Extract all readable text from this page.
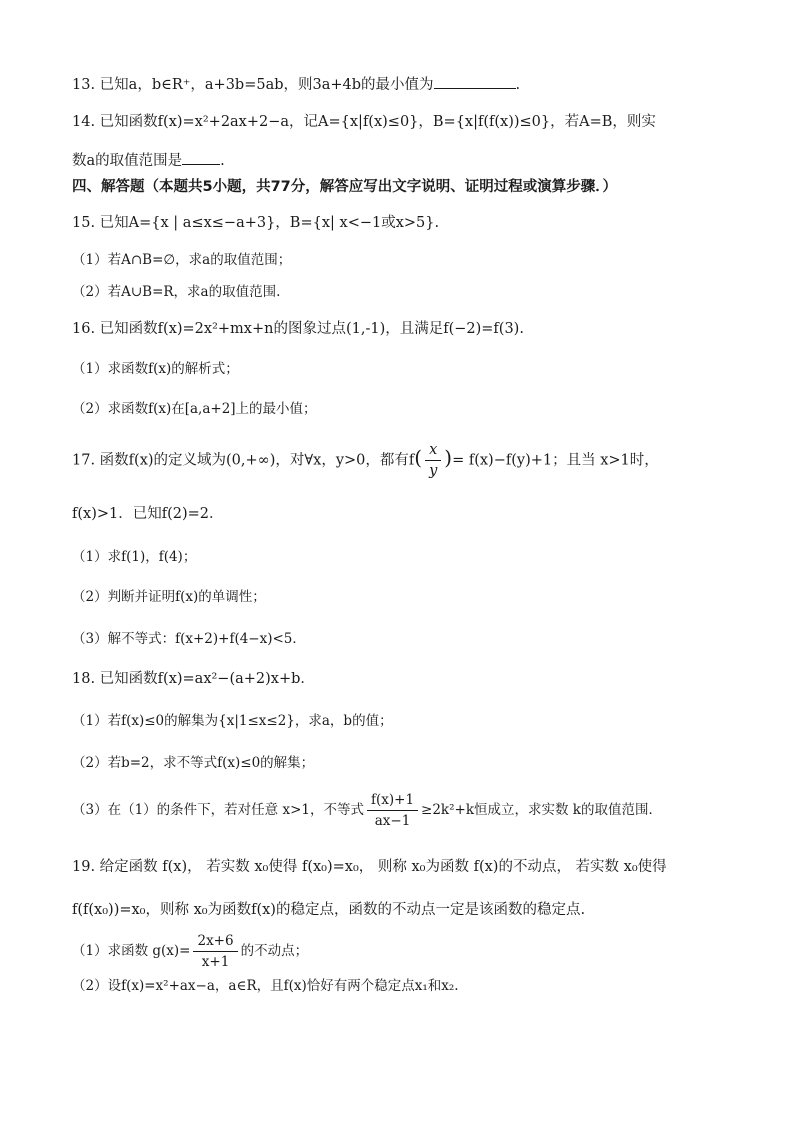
13. 已知a，b∈R⁺，a+3b=5ab，则3a+4b的最小值为	.
14. 已知函数f(x)=x²+2ax+2−a，记A={x|f(x)≤0}，B={x|f(f(x))≤0}，若A=B，则实
数a的取值范围是	.
四、解答题（本题共5小题，共77分，解答应写出文字说明、证明过程或演算步骤．）
15. 已知A={x | a≤x≤−a+3}，B={x| x<−1或x>5}.
（1）若A∩B=∅，求a的取值范围；
（2）若A∪B=R，求a的取值范围.
16. 已知函数f(x)=2x²+mx+n的图象过点(1,-1)，且满足f(−2)=f(3).
（1）求函数f(x)的解析式；
（2）求函数f(x)在[a,a+2]上的最小值；
17. 函数f(x)的定义域为(0,+∞)，对∀x，y>0，都有$f( \frac{x}{y}$ )= f(x)−f(y)+1；且当 x>1时，
f(x)>1．已知f(2)=2．
（1）求f(1)，f(4)；
（2）判断并证明f(x)的单调性；
（3）解不等式：f(x+2)+f(4−x)<5．
18. 已知函数f(x)=ax²−(a+2)x+b．
（1）若f(x)≤0的解集为{x|1≤x≤2}，求a，b的值；
（2）若b=2，求不等式f(x)≤0的解集；
（3）在（1）的条件下，若对任意 x>1，不等式 $\frac{f(x)+1}{ax-1} \ge 2k^2+k$恒成立，求实数 k的取值范围．
19. 给定函数 f(x)， 若实数 x₀使得 f(x₀)=x₀， 则称 x₀为函数 f(x)的不动点， 若实数 x₀使得
f(f(x₀))=x₀，则称 x₀为函数f(x)的稳定点，函数的不动点一定是该函数的稳定点.
（1）求函数 $g(x)= \frac{2x+6}{x+1}$ 的不动点；
（2）设f(x)=x²+ax−a，a∈R，且f(x)恰好有两个稳定点x₁和x₂.
